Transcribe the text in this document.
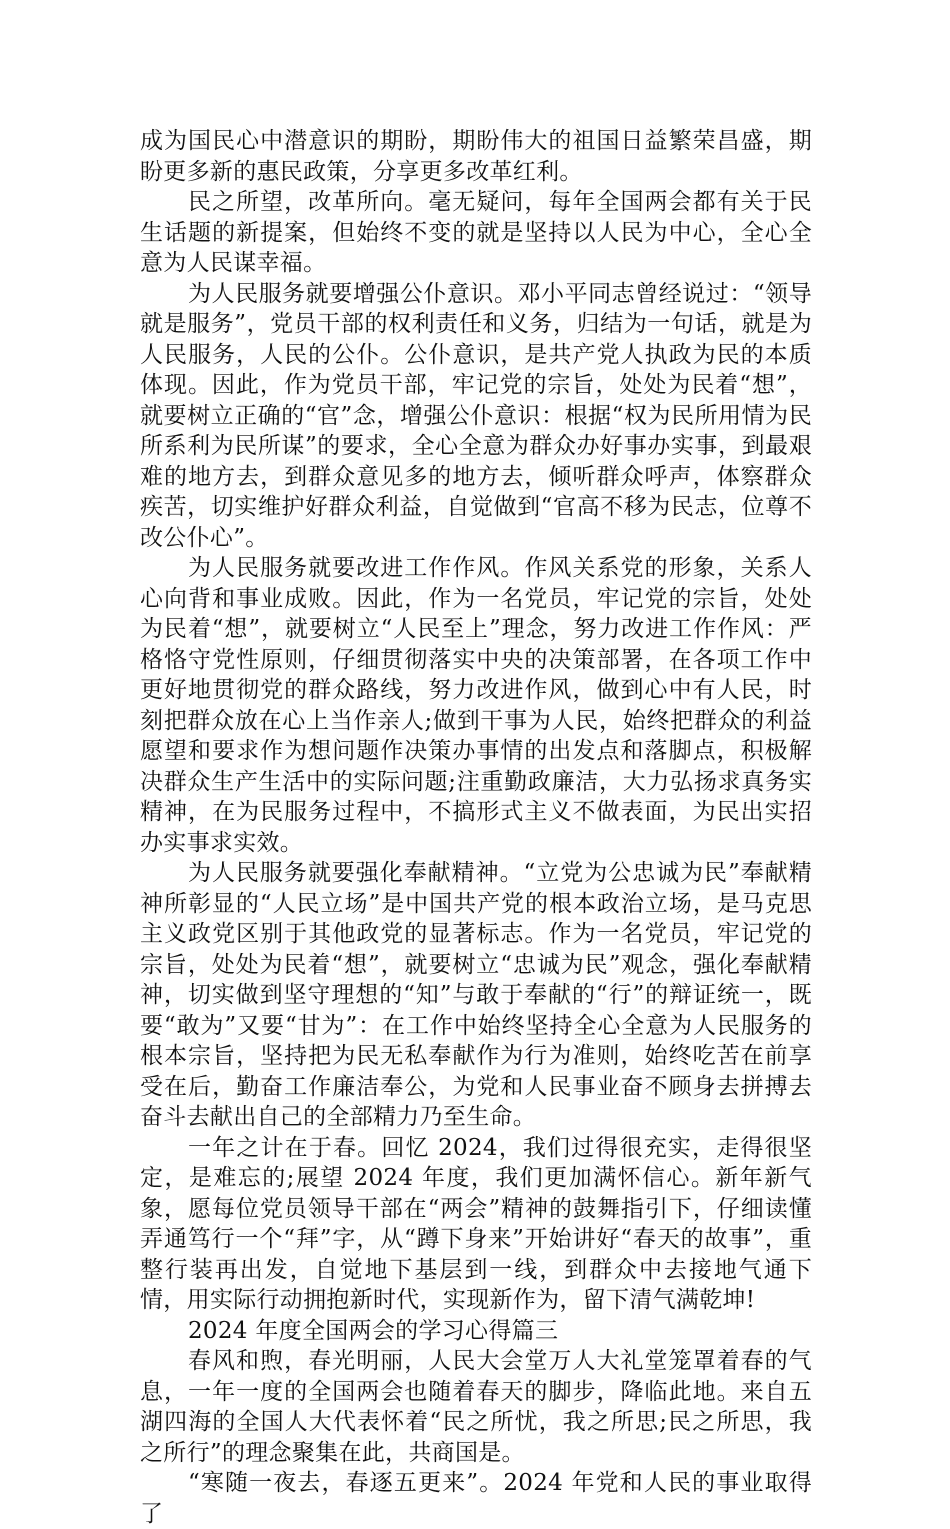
成为国民心中潜意识的期盼，期盼伟大的祖国日益繁荣昌盛，期盼更多新的惠民政策，分享更多改革红利。

民之所望，改革所向。毫无疑问，每年全国两会都有关于民生话题的新提案，但始终不变的就是坚持以人民为中心，全心全意为人民谋幸福。

为人民服务就要增强公仆意识。邓小平同志曾经说过：“领导就是服务”，党员干部的权利责任和义务，归结为一句话，就是为人民服务，人民的公仆。公仆意识，是共产党人执政为民的本质体现。因此，作为党员干部，牢记党的宗旨，处处为民着“想”，就要树立正确的“官”念，增强公仆意识：根据“权为民所用情为民所系利为民所谋”的要求，全心全意为群众办好事办实事，到最艰难的地方去，到群众意见多的地方去，倾听群众呼声，体察群众疾苦，切实维护好群众利益，自觉做到“官高不移为民志，位尊不改公仆心”。

为人民服务就要改进工作作风。作风关系党的形象，关系人心向背和事业成败。因此，作为一名党员，牢记党的宗旨，处处为民着“想”，就要树立“人民至上”理念，努力改进工作作风：严格恪守党性原则，仔细贯彻落实中央的决策部署，在各项工作中更好地贯彻党的群众路线，努力改进作风，做到心中有人民，时刻把群众放在心上当作亲人;做到干事为人民，始终把群众的利益愿望和要求作为想问题作决策办事情的出发点和落脚点，积极解决群众生产生活中的实际问题;注重勤政廉洁，大力弘扬求真务实精神，在为民服务过程中，不搞形式主义不做表面，为民出实招办实事求实效。

为人民服务就要强化奉献精神。“立党为公忠诚为民”奉献精神所彰显的“人民立场”是中国共产党的根本政治立场，是马克思主义政党区别于其他政党的显著标志。作为一名党员，牢记党的宗旨，处处为民着“想”，就要树立“忠诚为民”观念，强化奉献精神，切实做到坚守理想的“知”与敢于奉献的“行”的辩证统一，既要“敢为”又要“甘为”：在工作中始终坚持全心全意为人民服务的根本宗旨，坚持把为民无私奉献作为行为准则，始终吃苦在前享受在后，勤奋工作廉洁奉公，为党和人民事业奋不顾身去拼搏去奋斗去献出自己的全部精力乃至生命。

一年之计在于春。回忆 2024，我们过得很充实，走得很坚定，是难忘的;展望 2024 年度，我们更加满怀信心。新年新气象，愿每位党员领导干部在“两会”精神的鼓舞指引下，仔细读懂弄通笃行一个“拜”字，从“蹲下身来”开始讲好“春天的故事”，重整行装再出发，自觉地下基层到一线，到群众中去接地气通下情，用实际行动拥抱新时代，实现新作为，留下清气满乾坤!

2024 年度全国两会的学习心得篇三

春风和煦，春光明丽，人民大会堂万人大礼堂笼罩着春的气息，一年一度的全国两会也随着春天的脚步，降临此地。来自五湖四海的全国人大代表怀着“民之所忧，我之所思;民之所思，我之所行”的理念聚集在此，共商国是。

“寒随一夜去，春逐五更来”。2024 年党和人民的事业取得了
